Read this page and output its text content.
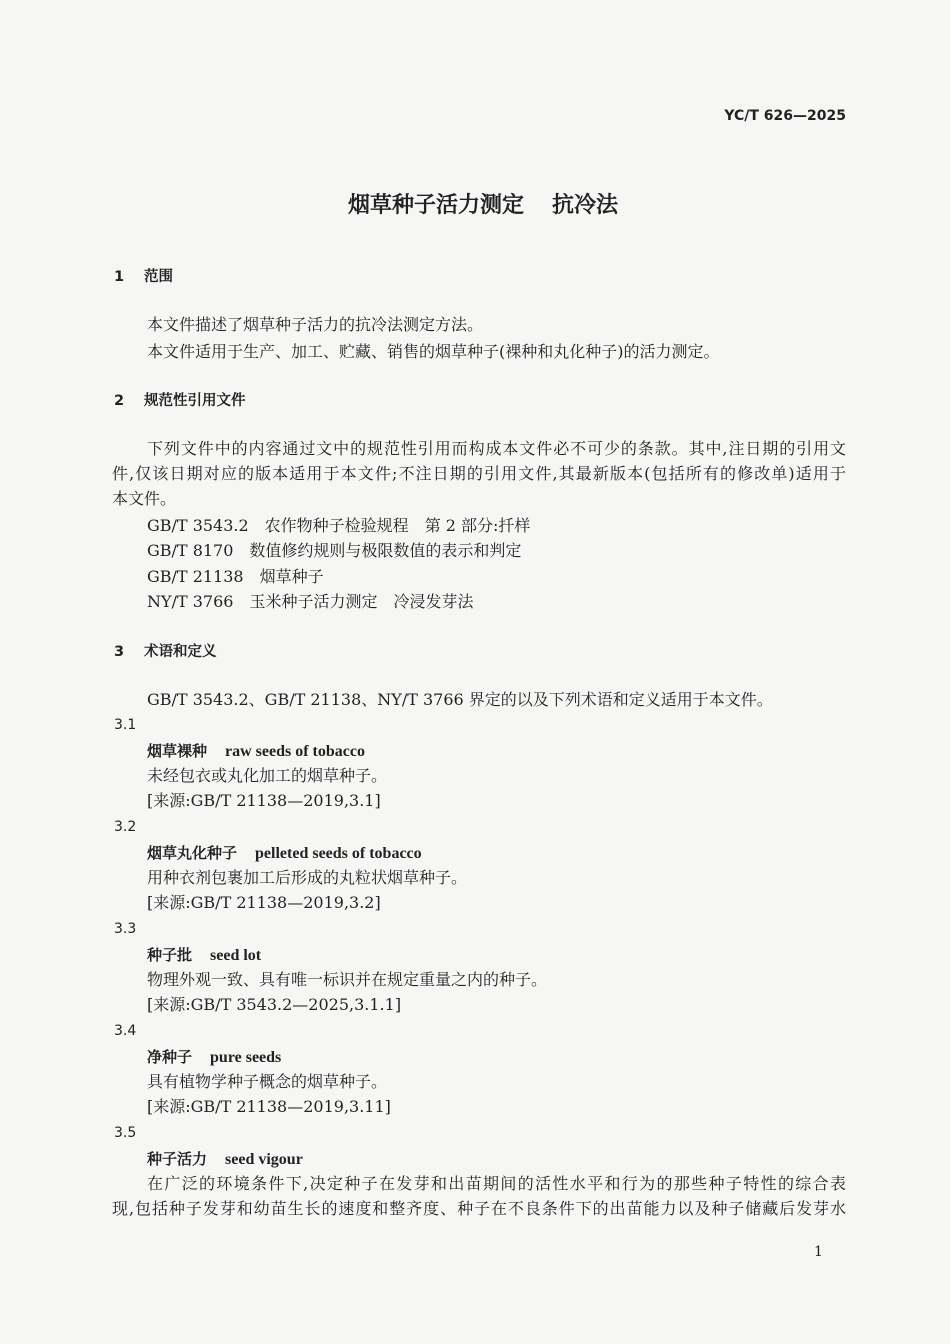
YC/T 626—2025
烟草种子活力测定 抗冷法
1 范围
本文件描述了烟草种子活力的抗冷法测定方法。
本文件适用于生产、加工、贮藏、销售的烟草种子(裸种和丸化种子)的活力测定。
2 规范性引用文件
下列文件中的内容通过文中的规范性引用而构成本文件必不可少的条款。其中,注日期的引用文
件,仅该日期对应的版本适用于本文件;不注日期的引用文件,其最新版本(包括所有的修改单)适用于
本文件。
GB/T 3543.2 农作物种子检验规程 第 2 部分:扦样
GB/T 8170 数值修约规则与极限数值的表示和判定
GB/T 21138 烟草种子
NY/T 3766 玉米种子活力测定 冷浸发芽法
3 术语和定义
GB/T 3543.2、GB/T 21138、NY/T 3766 界定的以及下列术语和定义适用于本文件。
3.1
烟草裸种 raw seeds of tobacco
未经包衣或丸化加工的烟草种子。
[来源:GB/T 21138—2019,3.1]
3.2
烟草丸化种子 pelleted seeds of tobacco
用种衣剂包裹加工后形成的丸粒状烟草种子。
[来源:GB/T 21138—2019,3.2]
3.3
种子批 seed lot
物理外观一致、具有唯一标识并在规定重量之内的种子。
[来源:GB/T 3543.2—2025,3.1.1]
3.4
净种子 pure seeds
具有植物学种子概念的烟草种子。
[来源:GB/T 21138—2019,3.11]
3.5
种子活力 seed vigour
在广泛的环境条件下,决定种子在发芽和出苗期间的活性水平和行为的那些种子特性的综合表
现,包括种子发芽和幼苗生长的速度和整齐度、种子在不良条件下的出苗能力以及种子储藏后发芽水
1
